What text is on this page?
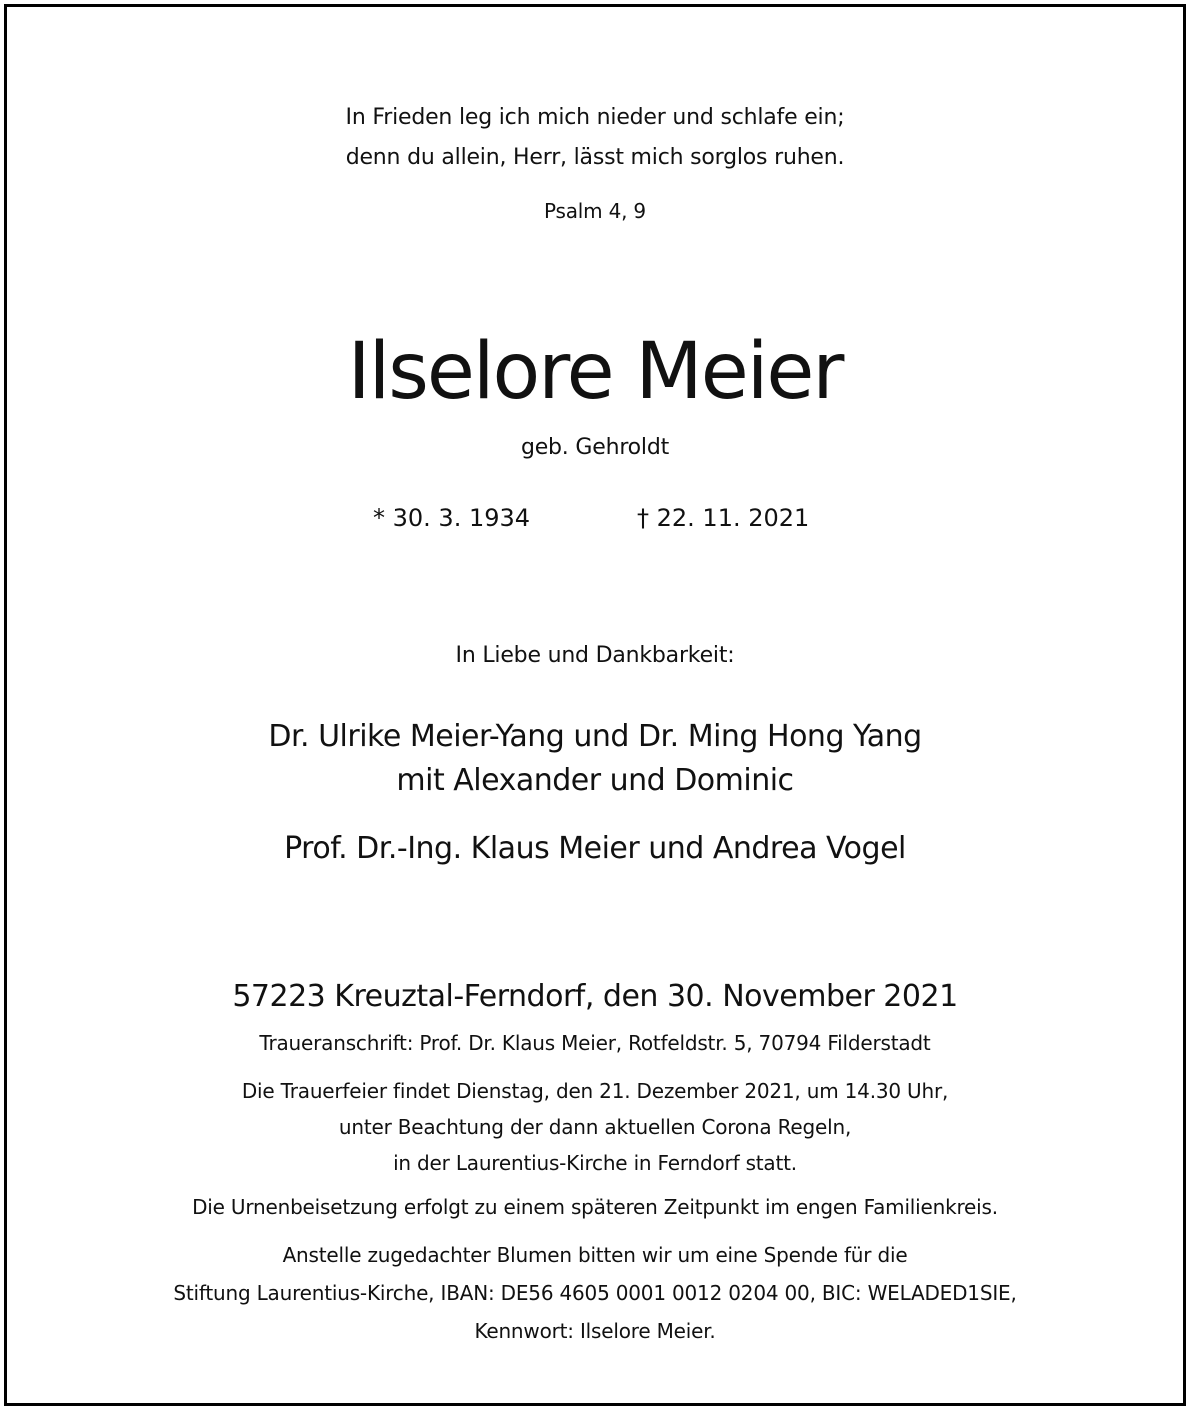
In Frieden leg ich mich nieder und schlafe ein;

denn du allein, Herr, lässt mich sorglos ruhen.

Psalm 4, 9

Ilselore Meier

geb. Gehroldt

* 30. 3. 1934	† 22. 11. 2021

In Liebe und Dankbarkeit:

Dr. Ulrike Meier-Yang und Dr. Ming Hong Yang

mit Alexander und Dominic

Prof. Dr.-Ing. Klaus Meier und Andrea Vogel

57223 Kreuztal-Ferndorf, den 30. November 2021

Traueranschrift: Prof. Dr. Klaus Meier, Rotfeldstr. 5, 70794 Filderstadt

Die Trauerfeier findet Dienstag, den 21. Dezember 2021, um 14.30 Uhr,

unter Beachtung der dann aktuellen Corona Regeln,

in der Laurentius-Kirche in Ferndorf statt.

Die Urnenbeisetzung erfolgt zu einem späteren Zeitpunkt im engen Familienkreis.

Anstelle zugedachter Blumen bitten wir um eine Spende für die

Stiftung Laurentius-Kirche, IBAN: DE56 4605 0001 0012 0204 00, BIC: WELADED1SIE,

Kennwort: Ilselore Meier.
